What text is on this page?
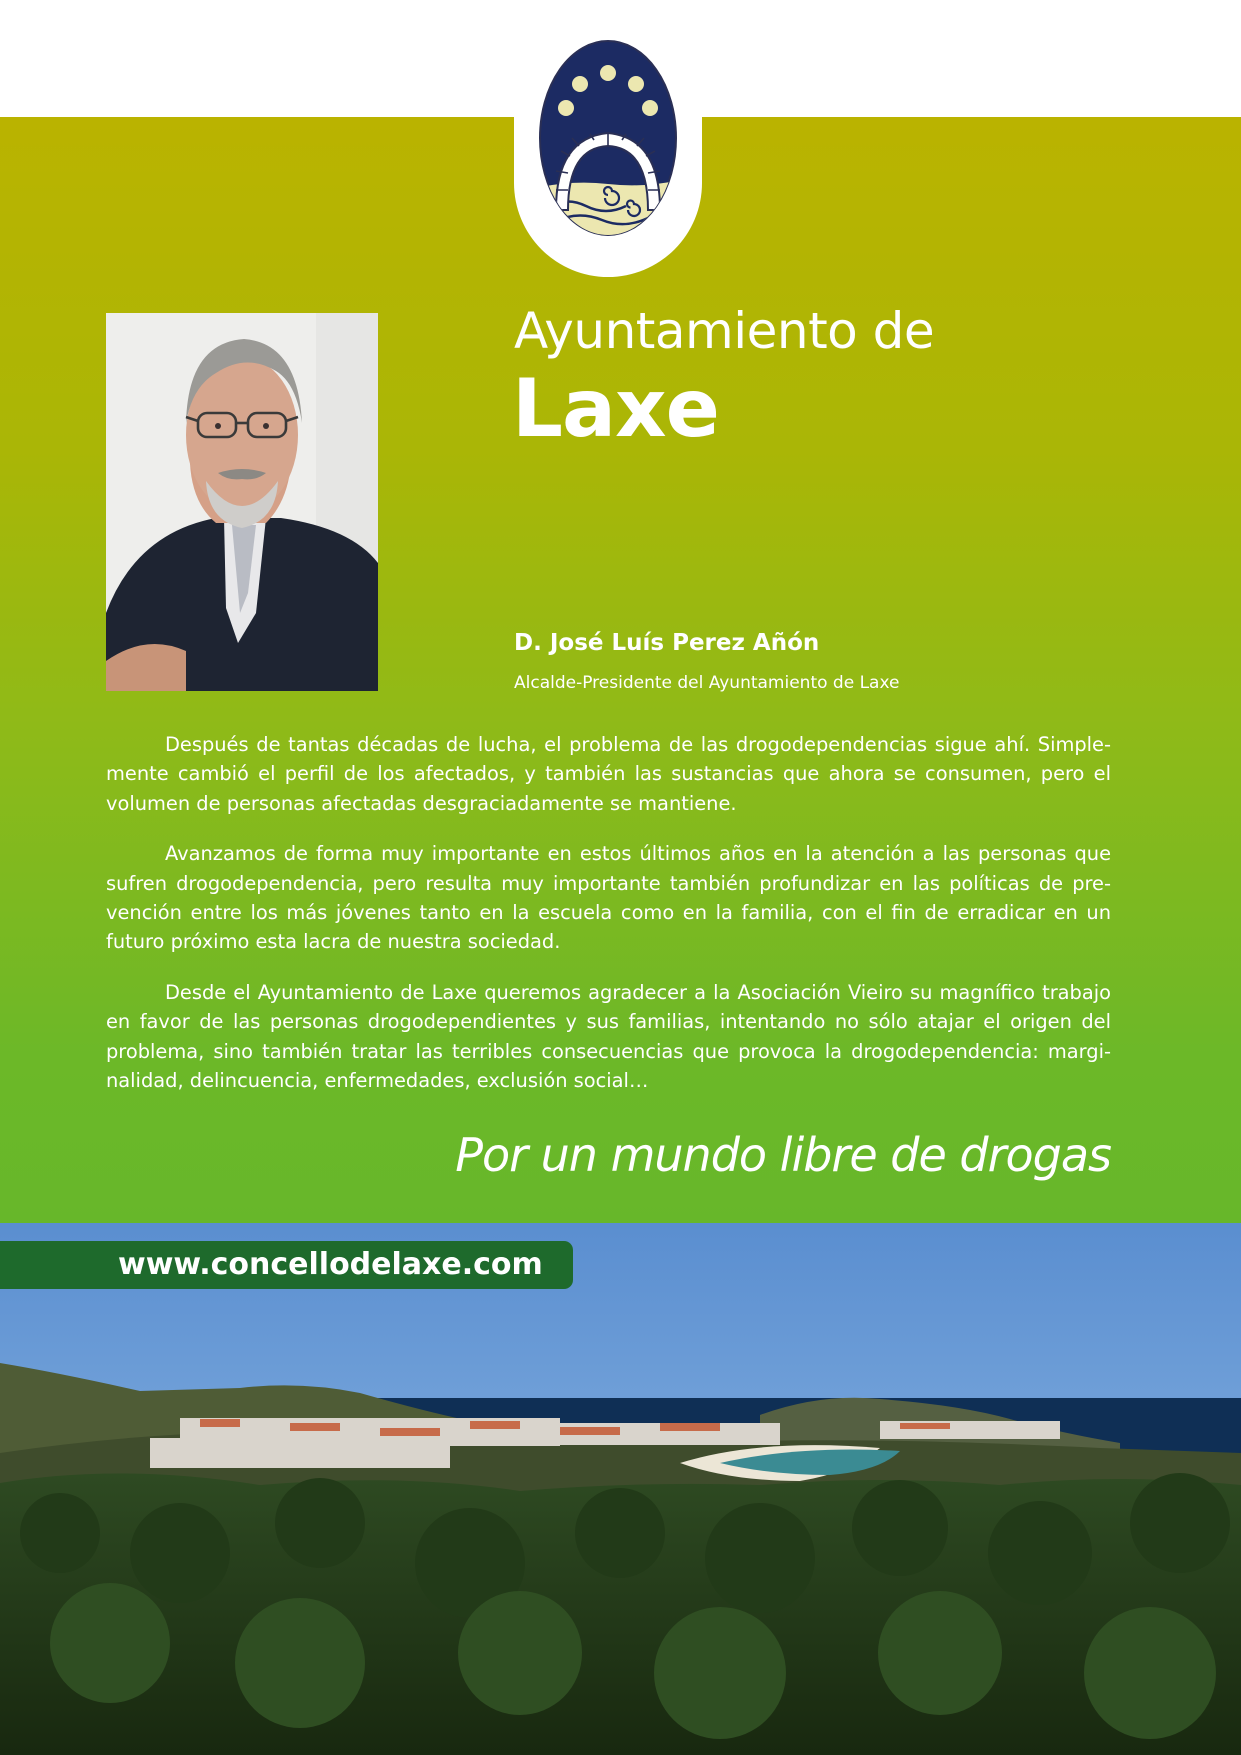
Ayuntamiento de
Laxe
D. José Luís Perez Añón
Alcalde-Presidente del Ayuntamiento de Laxe

Después de tantas décadas de lucha, el problema de las drogodependencias sigue ahí. Simplemente cambió el perfil de los afectados, y también las sustancias que ahora se consumen, pero el volumen de personas afectadas desgraciadamente se mantiene.

Avanzamos de forma muy importante en estos últimos años en la atención a las personas que sufren drogodependencia, pero resulta muy importante también profundizar en las políticas de prevención entre los más jóvenes tanto en la escuela como en la familia, con el fin de erradicar en un futuro próximo esta lacra de nuestra sociedad.

Desde el Ayuntamiento de Laxe queremos agradecer a la Asociación Vieiro su magnífico trabajo en favor de las personas drogodependientes y sus familias, intentando no sólo atajar el origen del problema, sino también tratar las terribles consecuencias que provoca la drogodependencia: marginalidad, delincuencia, enfermedades, exclusión social…

Por un mundo libre de drogas
www.concellodelaxe.com
